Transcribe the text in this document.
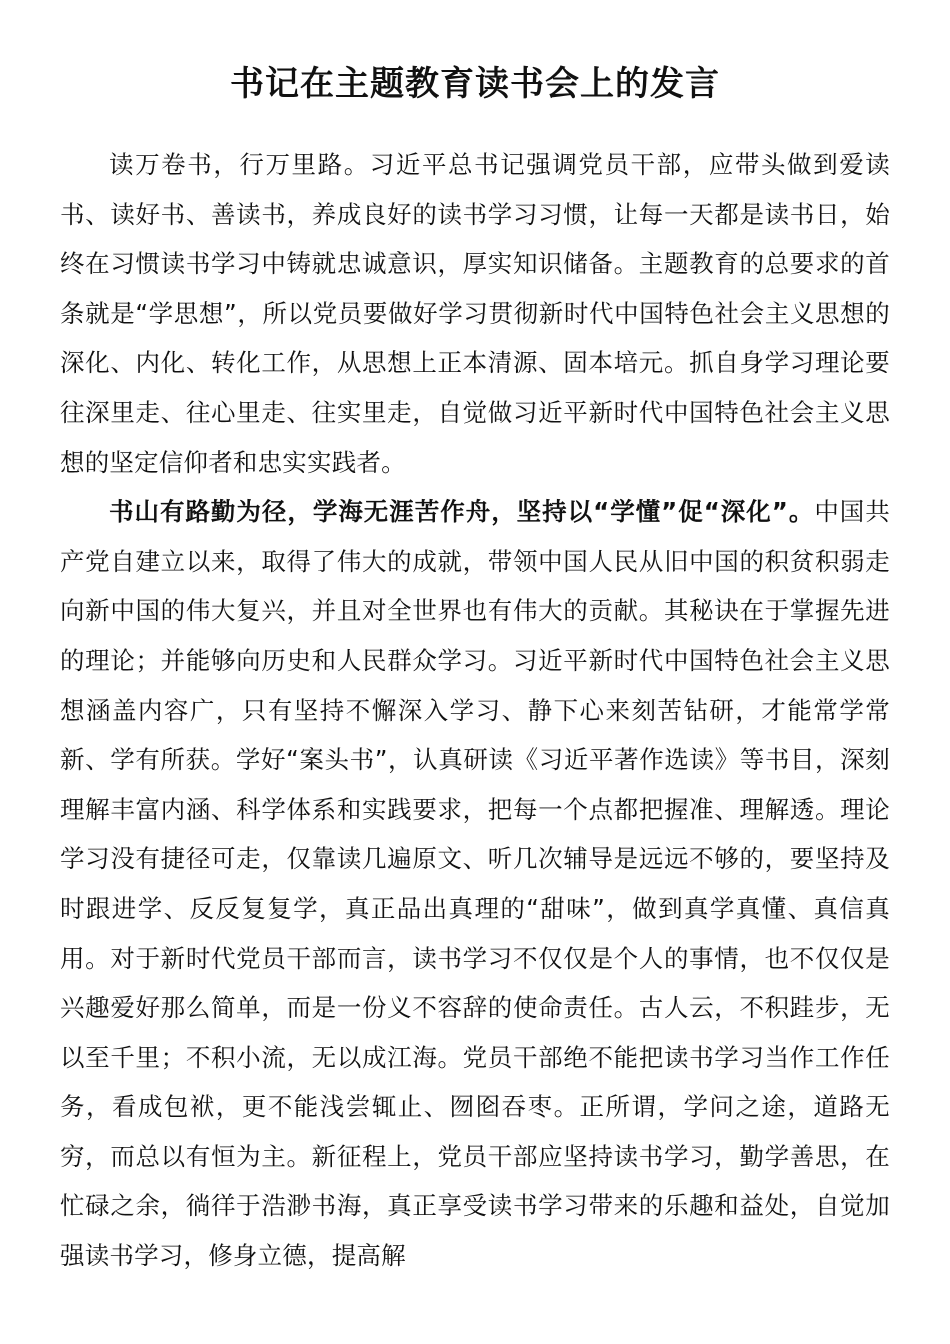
书记在主题教育读书会上的发言

读万卷书，行万里路。习近平总书记强调党员干部，应带头做到爱读书、读好书、善读书，养成良好的读书学习习惯，让每一天都是读书日，始终在习惯读书学习中铸就忠诚意识，厚实知识储备。主题教育的总要求的首条就是“学思想”，所以党员要做好学习贯彻新时代中国特色社会主义思想的深化、内化、转化工作，从思想上正本清源、固本培元。抓自身学习理论要往深里走、往心里走、往实里走，自觉做习近平新时代中国特色社会主义思想的坚定信仰者和忠实实践者。

书山有路勤为径，学海无涯苦作舟，坚持以“学懂”促“深化”。中国共产党自建立以来，取得了伟大的成就，带领中国人民从旧中国的积贫积弱走向新中国的伟大复兴，并且对全世界也有伟大的贡献。其秘诀在于掌握先进的理论；并能够向历史和人民群众学习。习近平新时代中国特色社会主义思想涵盖内容广，只有坚持不懈深入学习、静下心来刻苦钻研，才能常学常新、学有所获。学好“案头书”，认真研读《习近平著作选读》等书目，深刻理解丰富内涵、科学体系和实践要求，把每一个点都把握准、理解透。理论学习没有捷径可走，仅靠读几遍原文、听几次辅导是远远不够的，要坚持及时跟进学、反反复复学，真正品出真理的“甜味”，做到真学真懂、真信真用。对于新时代党员干部而言，读书学习不仅仅是个人的事情，也不仅仅是兴趣爱好那么简单，而是一份义不容辞的使命责任。古人云，不积跬步，无以至千里；不积小流，无以成江海。党员干部绝不能把读书学习当作工作任务，看成包袱，更不能浅尝辄止、囫囵吞枣。正所谓，学问之途，道路无穷，而总以有恒为主。新征程上，党员干部应坚持读书学习，勤学善思，在忙碌之余，徜徉于浩渺书海，真正享受读书学习带来的乐趣和益处，自觉加强读书学习，修身立德，提高解
